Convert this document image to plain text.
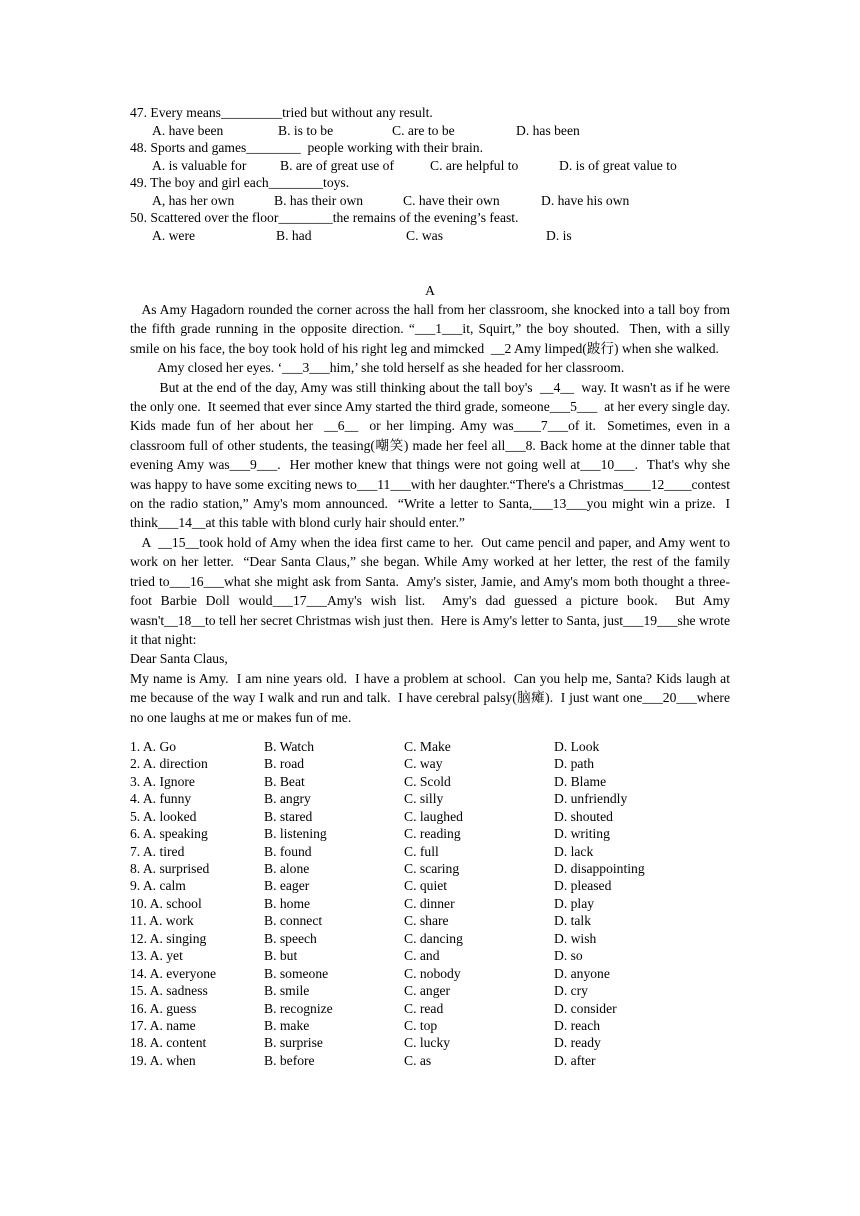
47. Every means_________tried but without any result.
A. have been	B. is to be	C. are to be	D. has been
48. Sports and games________  people working with their brain.
A. is valuable for B. are of great use of	C. are helpful to	D. is of great value to
49. The boy and girl each________toys.
A, has her own	B. has their own	C. have their own	D. have his own
50. Scattered over the floor________the remains of the evening’s feast.
A. were	B. had	C. was	D. is
A

As Amy Hagadorn rounded the corner across the hall from her classroom, she knocked into a tall boy from the fifth grade running in the opposite direction. “___1___it, Squirt,” the boy shouted.  Then, with a silly smile on his face, the boy took hold of his right leg and mimcked  __2 Amy limped(跛行) when she walked.

Amy closed her eyes. ‘___3___him,’ she told herself as she headed for her classroom.

But at the end of the day, Amy was still thinking about the tall boy's  __4__  way. It wasn't as if he were the only one.  It seemed that ever since Amy started the third grade, someone___5___  at her every single day. Kids made fun of her about her  __6__  or her limping. Amy was____7___of it.  Sometimes, even in a classroom full of other students, the teasing(嘲笑) made her feel all___8. Back home at the dinner table that evening Amy was___9___.  Her mother knew that things were not going well at___10___.  That's why she was happy to have some exciting news to___11___with her daughter.“There's a Christmas____12____contest on the radio station,” Amy's mom announced.  “Write a letter to Santa,___13___you might win a prize.  I think___14__at this table with blond curly hair should enter.”

A  __15__took hold of Amy when the idea first came to her.  Out came pencil and paper, and Amy went to work on her letter.  “Dear Santa Claus,” she began. While Amy worked at her letter, the rest of the family tried to___16___what she might ask from Santa.  Amy's sister, Jamie, and Amy's mom both thought a three-foot Barbie Doll would___17___Amy's wish list.  Amy's dad guessed a picture book.  But Amy wasn't__18__to tell her secret Christmas wish just then.  Here is Amy's letter to Santa, just___19___she wrote it that night:

Dear Santa Claus,

My name is Amy.  I am nine years old.  I have a problem at school.  Can you help me, Santa? Kids laugh at me because of the way I walk and run and talk.  I have cerebral palsy(脑瘫).  I just want one___20___where no one laughs at me or makes fun of me.

1. A. Go	B. Watch	C. Make	D. Look
2. A. direction	B. road	C. way	D. path
3. A. Ignore	B. Beat	C. Scold	D. Blame
4. A. funny	B. angry	C. silly	D. unfriendly
5. A. looked	B. stared	C. laughed	D. shouted
6. A. speaking	B. listening	C. reading	D. writing
7. A. tired	B. found	C. full	D. lack
8. A. surprised	B. alone	C. scaring	D. disappointing
9. A. calm	B. eager	C. quiet	D. pleased
10. A. school	B. home	C. dinner	D. play
11. A. work	B. connect	C. share	D. talk
12. A. singing	B. speech	C. dancing	D. wish
13. A. yet	B. but	C. and	D. so
14. A. everyone	B. someone	C. nobody	D. anyone
15. A. sadness	B. smile	C. anger	D. cry
16. A. guess	B. recognize	C. read	D. consider
17. A. name	B. make	C. top	D. reach
18. A. content	B. surprise	C. lucky	D. ready
19. A. when	B. before	C. as	D. after
